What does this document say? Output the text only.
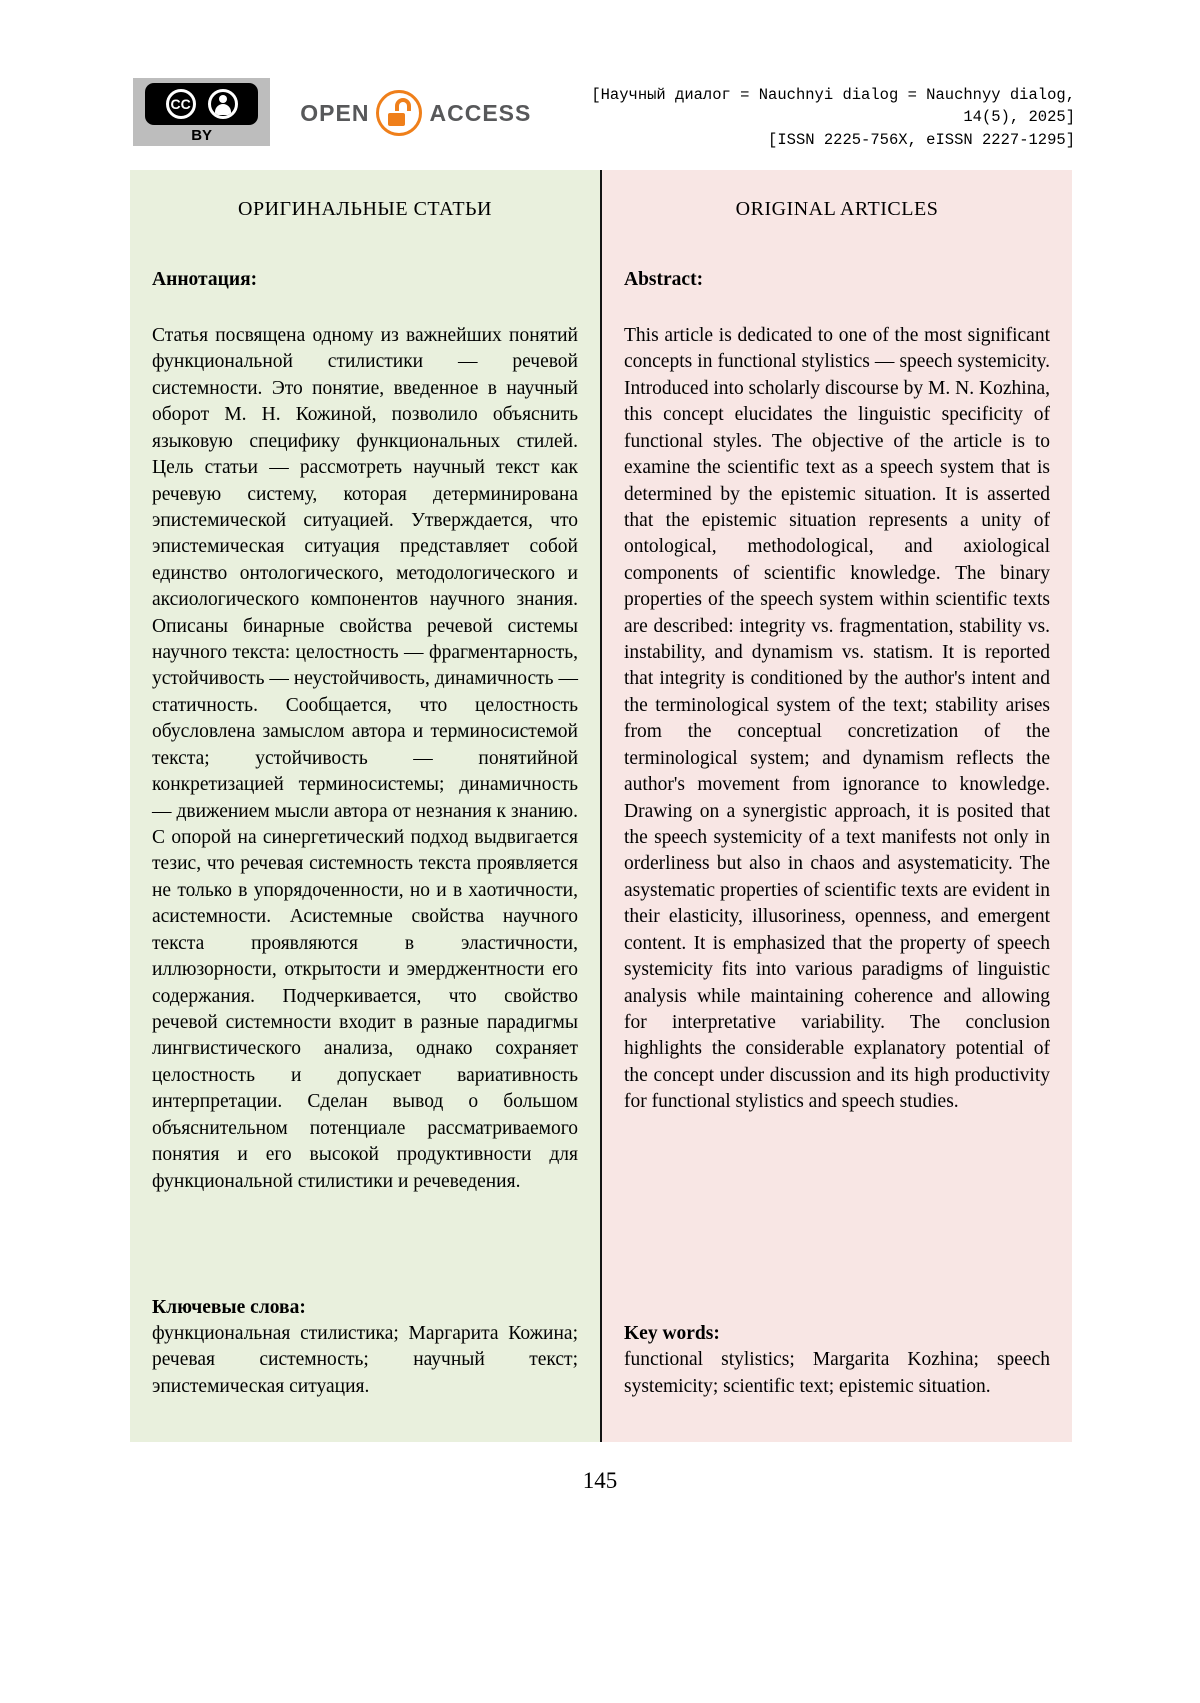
CC
BY
OPEN	ACCESS
[Научный диалог = Nauchnyi dialog = Nauchnyy dialog, 14(5), 2025]
[ISSN 2225-756X, eISSN 2227-1295]
ОРИГИНАЛЬНЫЕ СТАТЬИ
Аннотация:
Статья посвящена одному из важнейших понятий функциональной стилистики — речевой системности. Это понятие, введенное в научный оборот М. Н. Кожиной, позволило объяснить языковую специфику функциональных стилей. Цель статьи — рассмотреть научный текст как речевую систему, которая детерминирована эпистемической ситуацией. Утверждается, что эпистемическая ситуация представляет собой единство онтологического, методологического и аксиологического компонентов научного знания. Описаны бинарные свойства речевой системы научного текста: целостность — фрагментарность, устойчивость — неустойчивость, динамичность — статичность. Сообщается, что целостность обусловлена замыслом автора и терминосистемой текста; устойчивость — понятийной конкретизацией терминосистемы; динамичность — движением мысли автора от незнания к знанию. С опорой на синергетический подход выдвигается тезис, что речевая системность текста проявляется не только в упорядоченности, но и в хаотичности, асистемности. Асистемные свойства научного текста проявляются в эластичности, иллюзорности, открытости и эмерджентности его содержания. Подчеркивается, что свойство речевой системности входит в разные парадигмы лингвистического анализа, однако сохраняет целостность и допускает вариативность интерпретации. Сделан вывод о большом объяснительном потенциале рассматриваемого понятия и его высокой продуктивности для функциональной стилистики и речеведения.
Ключевые слова:
функциональная стилистика; Маргарита Кожина; речевая системность; научный текст; эпистемическая ситуация.
ORIGINAL ARTICLES
Abstract:
This article is dedicated to one of the most significant concepts in functional stylistics — speech systemicity. Introduced into scholarly discourse by M. N. Kozhina, this concept elucidates the linguistic specificity of functional styles. The objective of the article is to examine the scientific text as a speech system that is determined by the epistemic situation. It is asserted that the epistemic situation represents a unity of ontological, methodological, and axiological components of scientific knowledge. The binary properties of the speech system within scientific texts are described: integrity vs. fragmentation, stability vs. instability, and dynamism vs. statism. It is reported that integrity is conditioned by the author's intent and the terminological system of the text; stability arises from the conceptual concretization of the terminological system; and dynamism reflects the author's movement from ignorance to knowledge. Drawing on a synergistic approach, it is posited that the speech systemicity of a text manifests not only in orderliness but also in chaos and asystematicity. The asystematic properties of scientific texts are evident in their elasticity, illusoriness, openness, and emergent content. It is emphasized that the property of speech systemicity fits into various paradigms of linguistic analysis while maintaining coherence and allowing for interpretative variability. The conclusion highlights the considerable explanatory potential of the concept under discussion and its high productivity for functional stylistics and speech studies.
Key words:
functional stylistics; Margarita Kozhina; speech systemicity; scientific text; epistemic situation.
145
